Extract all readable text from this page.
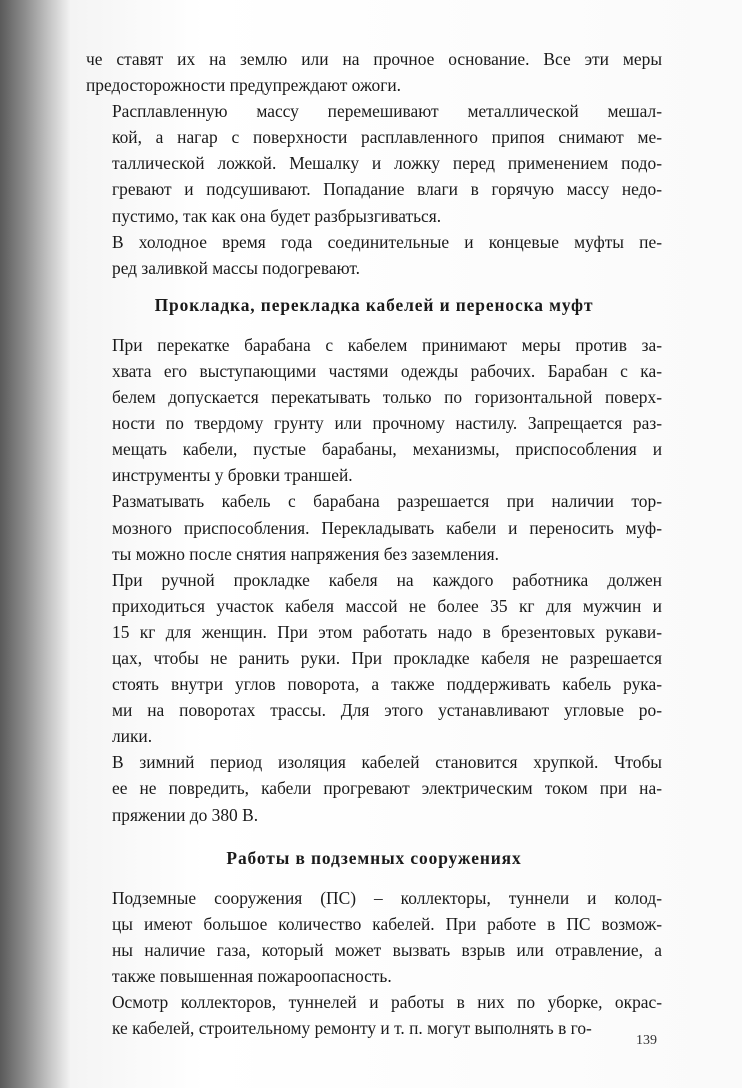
че ставят их на землю или на прочное основание. Все эти меры
предосторожности предупреждают ожоги.

Расплавленную массу перемешивают металлической мешал-
кой, а нагар с поверхности расплавленного припоя снимают ме-
таллической ложкой. Мешалку и ложку перед применением подо-
гревают и подсушивают. Попадание влаги в горячую массу недо-
пустимо, так как она будет разбрызгиваться.

В холодное время года соединительные и концевые муфты пе-
ред заливкой массы подогревают.

Прокладка, перекладка кабелей и переноска муфт

При перекатке барабана с кабелем принимают меры против за-
хвата его выступающими частями одежды рабочих. Барабан с ка-
белем допускается перекатывать только по горизонтальной поверх-
ности по твердому грунту или прочному настилу. Запрещается раз-
мещать кабели, пустые барабаны, механизмы, приспособления и
инструменты у бровки траншей.

Разматывать кабель с барабана разрешается при наличии тор-
мозного приспособления. Перекладывать кабели и переносить муф-
ты можно после снятия напряжения без заземления.

При ручной прокладке кабеля на каждого работника должен
приходиться участок кабеля массой не более 35 кг для мужчин и
15 кг для женщин. При этом работать надо в брезентовых рукави-
цах, чтобы не ранить руки. При прокладке кабеля не разрешается
стоять внутри углов поворота, а также поддерживать кабель рука-
ми на поворотах трассы. Для этого устанавливают угловые ро-
лики.

В зимний период изоляция кабелей становится хрупкой. Чтобы
ее не повредить, кабели прогревают электрическим током при на-
пряжении до 380 В.

Работы в подземных сооружениях

Подземные сооружения (ПС) – коллекторы, туннели и колод-
цы имеют большое количество кабелей. При работе в ПС возмож-
ны наличие газа, который может вызвать взрыв или отравление, а
также повышенная пожароопасность.

Осмотр коллекторов, туннелей и работы в них по уборке, окрас-
ке кабелей, строительному ремонту и т. п. могут выполнять в го-

139
